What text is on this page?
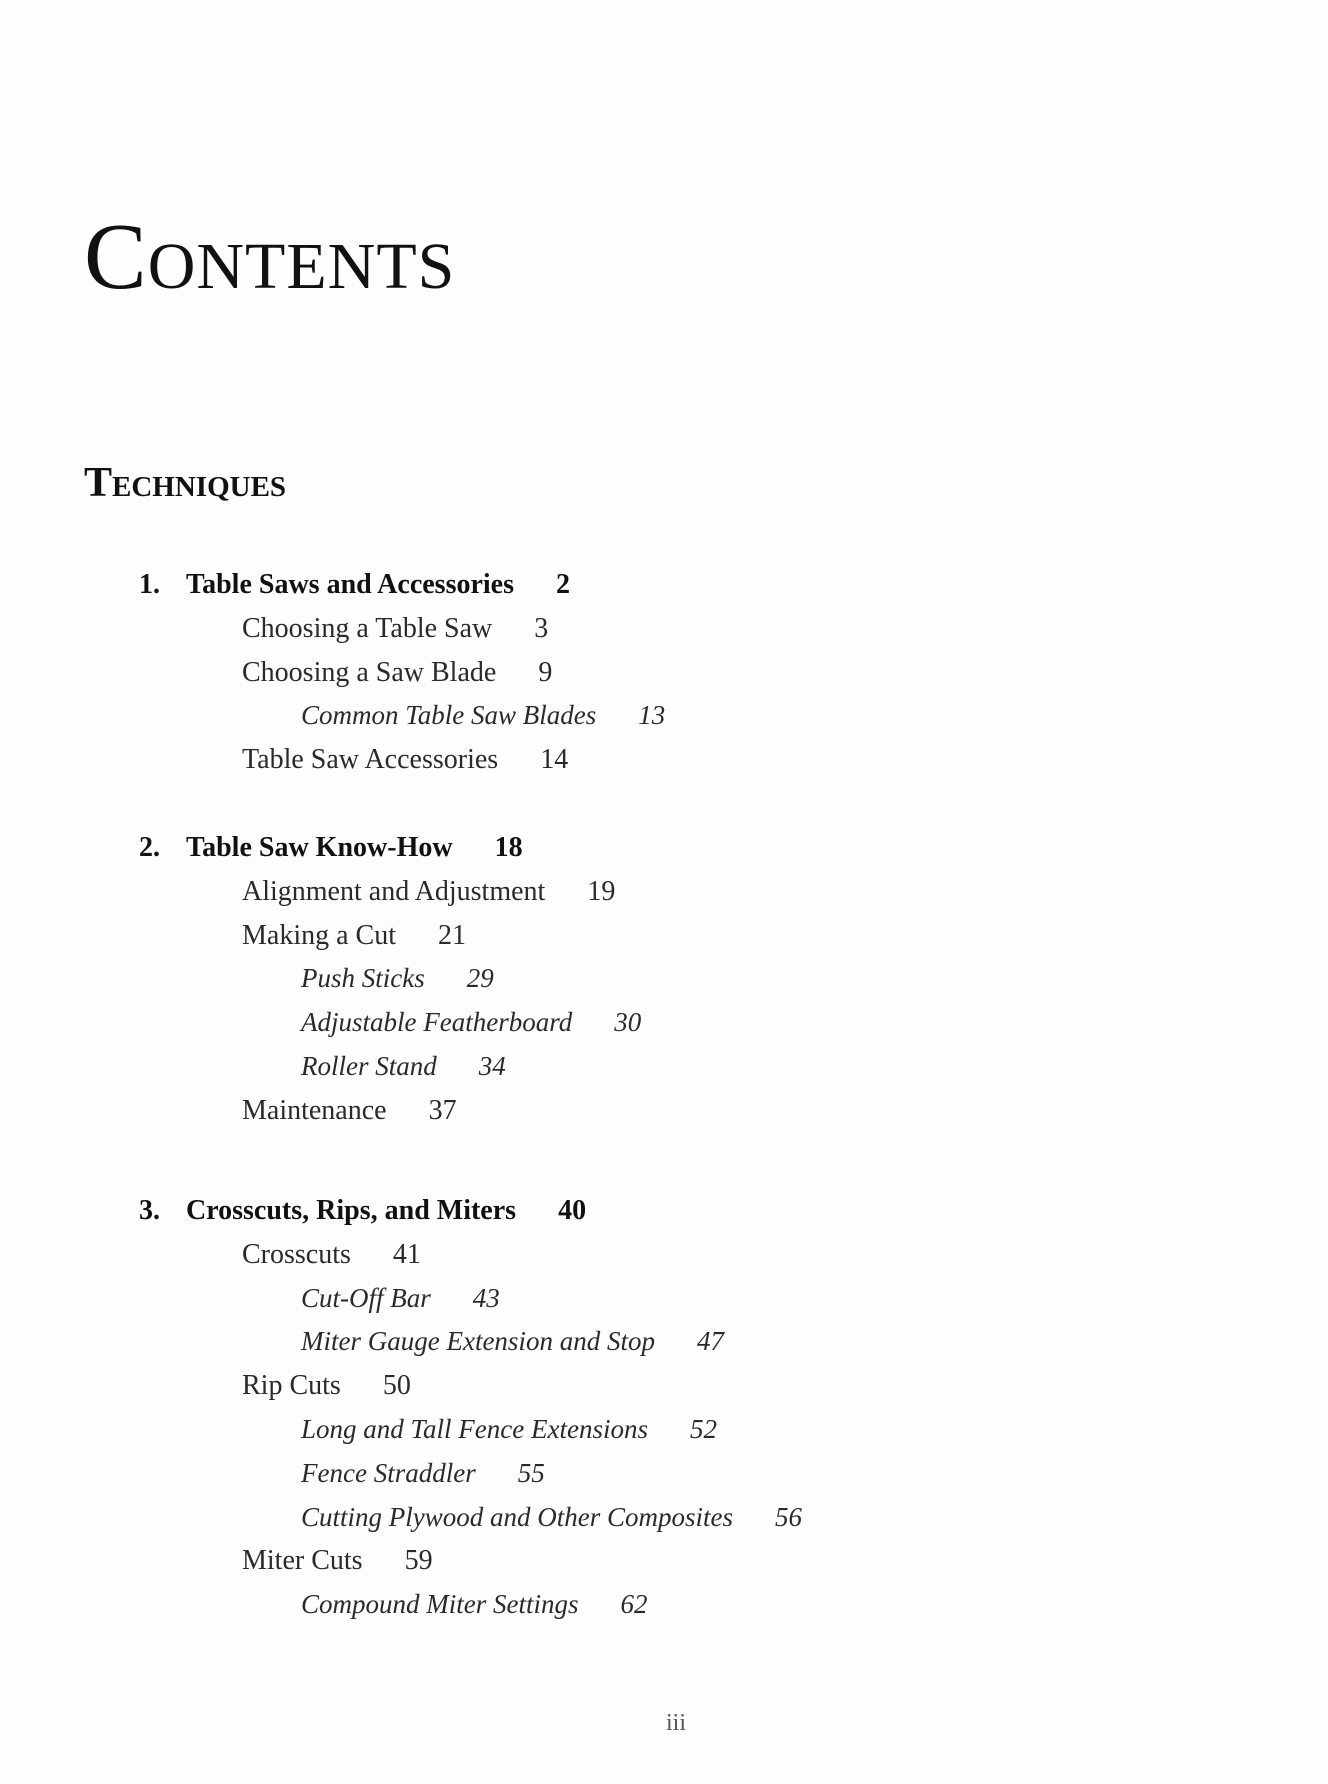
Contents
Techniques
1. Table Saws and Accessories 2
Choosing a Table Saw 3
Choosing a Saw Blade 9
Common Table Saw Blades 13
Table Saw Accessories 14
2. Table Saw Know-How 18
Alignment and Adjustment 19
Making a Cut 21
Push Sticks 29
Adjustable Featherboard 30
Roller Stand 34
Maintenance 37
3. Crosscuts, Rips, and Miters 40
Crosscuts 41
Cut-Off Bar 43
Miter Gauge Extension and Stop 47
Rip Cuts 50
Long and Tall Fence Extensions 52
Fence Straddler 55
Cutting Plywood and Other Composites 56
Miter Cuts 59
Compound Miter Settings 62
iii
